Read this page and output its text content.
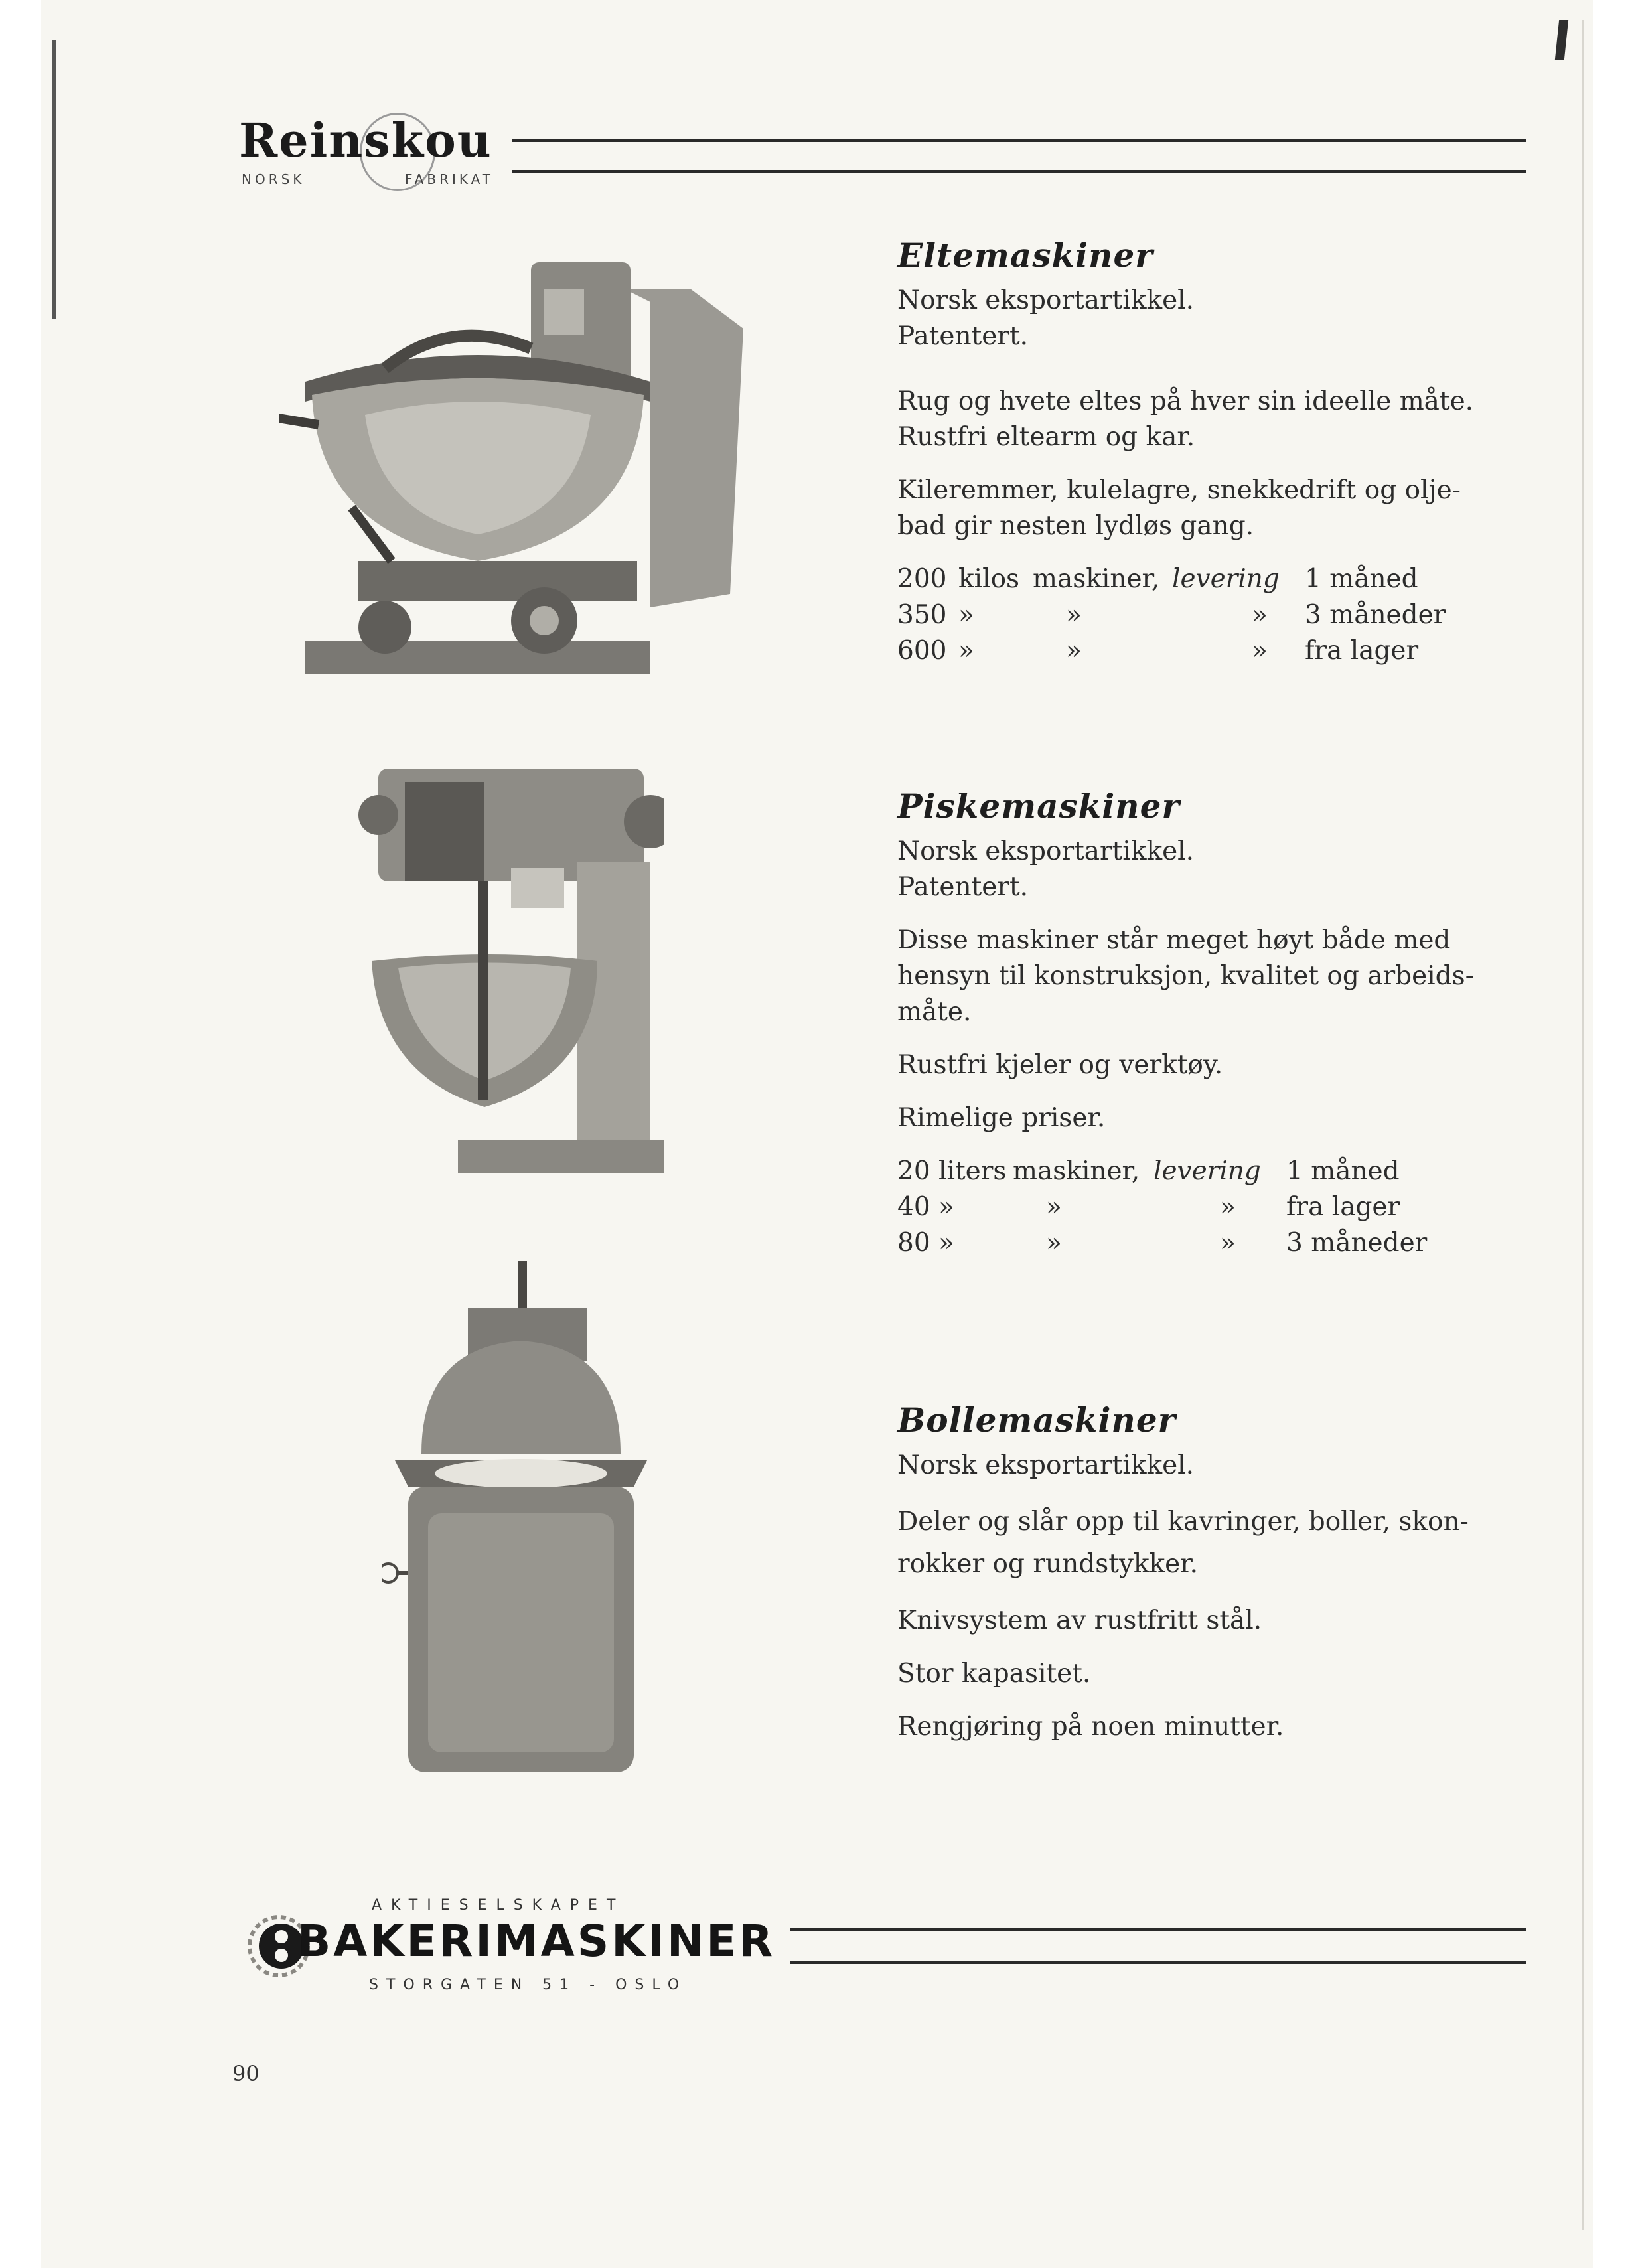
Reinskou
NORSK	FABRIKAT
Eltemaskiner

Norsk eksportartikkel.

Patentert.

Rug og hvete eltes på hver sin ideelle måte.

Rustfri eltearm og kar.

Kileremmer, kulelagre, snekkedrift og olje-

bad gir nesten lydløs gang.

200	kilos	maskiner,	levering	1 måned
350	»	»	»	3 måneder
600	»	»	»	fra lager
Piskemaskiner

Norsk eksportartikkel.

Patentert.

Disse maskiner står meget høyt både med

hensyn til konstruksjon, kvalitet og arbeids-

måte.

Rustfri kjeler og verktøy.

Rimelige priser.

20	liters	maskiner,	levering	1 måned
40	»	»	»	fra lager
80	»	»	»	3 måneder
Bollemaskiner

Norsk eksportartikkel.

Deler og slår opp til kavringer, boller, skon-

rokker og rundstykker.

Knivsystem av rustfritt stål.

Stor kapasitet.

Rengjøring på noen minutter.

AKTIESELSKAPET
BAKERIMASKINER
STORGATEN 51 - OSLO
90
